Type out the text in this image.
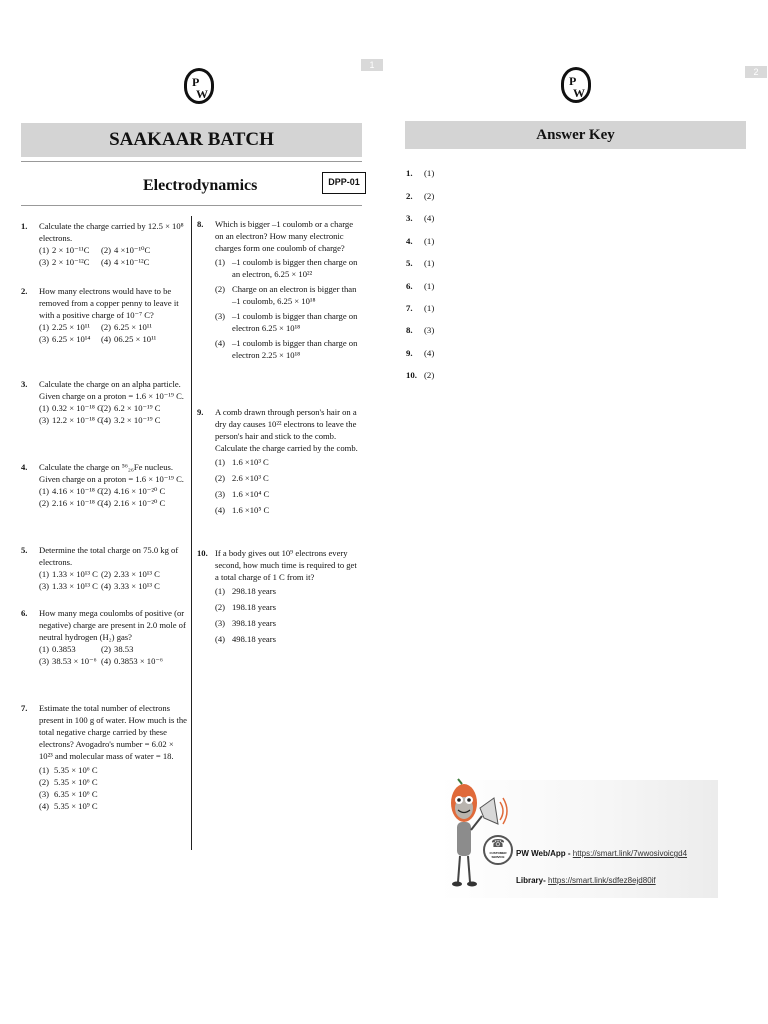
1
2
P
W
P
W
SAAKAAR BATCH
Electrodynamics	DPP-01
Answer Key
1. Calculate the charge carried by 12.5 × 10⁸ electrons.
(1) 2 × 10⁻¹¹C	(2) 4 ×10⁻¹⁰C
(3) 2 × 10⁻¹²C	(4) 4 ×10⁻¹²C
2. How many electrons would have to be removed from a copper penny to leave it with a positive charge of 10⁻⁷ C?
(1) 2.25 × 10¹¹	(2) 6.25 × 10¹¹
(3) 6.25 × 10¹⁴	(4) 06.25 × 10¹¹
3. Calculate the charge on an alpha particle. Given charge on a proton = 1.6 × 10⁻¹⁹ C.
(1) 0.32 × 10⁻¹⁸ C
(2) 6.2 × 10⁻¹⁹ C
(3) 12.2 × 10⁻¹⁸ C
(4) 3.2 × 10⁻¹⁹ C
4. Calculate the charge on ⁵⁶₂₆Fe nucleus. Given charge on a proton = 1.6 × 10⁻¹⁹ C.
(1) 4.16 × 10⁻¹⁸ C
(2) 4.16 × 10⁻²⁰ C
(2) 2.16 × 10⁻¹⁸ C
(4) 2.16 × 10⁻²⁰ C
5. Determine the total charge on 75.0 kg of electrons.
(1) 1.33 × 10¹³ C (2) 2.33 × 10¹³ C
(3) 1.33 × 10¹³ C (4) 3.33 × 10¹³ C
6. How many mega coulombs of positive (or negative) charge are present in 2.0 mole of neutral hydrogen (H₂) gas?
(1) 0.3853	(2) 38.53
(3) 38.53 × 10⁻⁶ (4) 0.3853 × 10⁻⁶
7. Estimate the total number of electrons present in 100 g of water. How much is the total negative charge carried by these electrons? Avogadro's number = 6.02 × 10²³ and molecular mass of water = 18.
(1) 5.35 × 10⁶ C
(2) 5.35 × 10⁶ C
(3) 6.35 × 10⁶ C
(4) 5.35 × 10⁹ C
8. Which is bigger –1 coulomb or a charge on an electron? How many electronic charges form one coulomb of charge?
(1) –1 coulomb is bigger then charge on an electron, 6.25 × 10²²
(2) Charge on an electron is bigger than –1 coulomb, 6.25 × 10¹⁸
(3) –1 coulomb is bigger than charge on electron 6.25 × 10¹⁸
(4) –1 coulomb is bigger than charge on electron 2.25 × 10¹⁸
9. A comb drawn through person's hair on a dry day causes 10²² electrons to leave the person's hair and stick to the comb. Calculate the charge carried by the comb.
(1) 1.6 ×10³ C
(2) 2.6 ×10³ C
(3) 1.6 ×10⁴ C
(4) 1.6 ×10⁵ C
10. If a body gives out 10⁹ electrons every second, how much time is required to get a total charge of 1 C from it?
(1) 298.18 years
(2) 198.18 years
(3) 398.18 years
(4) 498.18 years
1.	(1)
2.	(2)
3.	(4)
4.	(1)
5.	(1)
6.	(1)
7.	(1)
8.	(3)
9.	(4)
10. (2)
☎
CUSTOMER SERVICE	PW Web/App - https://smart.link/7wwosivoicgd4
Library- https://smart.link/sdfez8ejd80if
